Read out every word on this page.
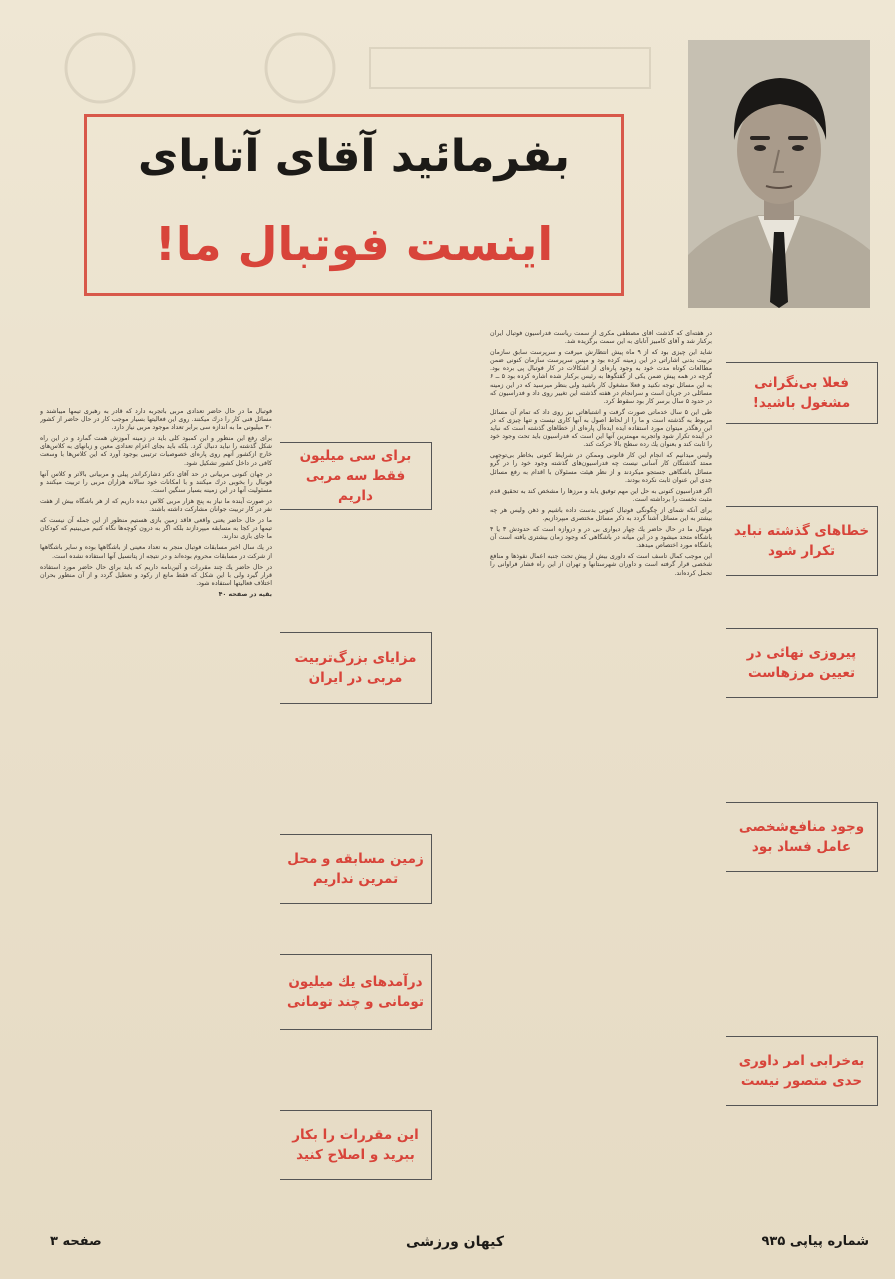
بفرمائید آقای آتابای
اینست فوتبال ما!

در هفته‌ای که گذشت آقای مصطفی مکری از سمت ریاست فدراسیون فوتبال ایران برکنار شد و آقای کامبیز آتابای به این سمت برگزیده شد.

شاید این چیزی بود که از ۹ ماه پیش انتظارش میرفت و سرپرست سابق سازمان تربیت بدنی اشاراتی در این زمینه کرده بود و مپس سرپرست سازمان کنونی ضمن مطالعات کوتاه مدت خود به وجود پاره‌ای از اشکالات در کار فوتبال پی برده بود. گرچه در همه پیش ضمن یکی از گفتگوها به رئیس برکنار شده اشاره کرده بود ۵ ــ ۶ به این مسائل توجه نکنید و فعلا مشغول کار باشید ولی بنظر میرسید که در این زمینه مسائلی در جریان است و سرانجام در هفته گذشته این تغییر روی داد و فدراسیون که در حدود ۵ سال برسر کار بود سقوط کرد.

طی این ۵ سال خدماتی صورت گرفت و اشتباهاتی نیز روی داد که تمام آن مسائل مربوط به گذشته است و ما را از لحاظ اصول به آنها کاری نیست و تنها چیزی که در این رهگذر میتوان مورد استفاده ایده ایده‌آل پاره‌ای از خطاهای گذشته است که نباید در آینده تکرار شود واتجربه مهمترین آنها این است که فدراسیون باید تحت وجود خود را ثابت کند و بعنوان یك رده سطح بالا حرکت کند.

ولیس میدانیم که انجام این کار قانونی وممکن در شرایط کنونی بخاطر بی‌توجهی ممتد گذشتگان کار آسانی نیست چه فدراسیون‌های گذشته وجود خود را در گرو مسائل باشگاهی جستجو میکردند و از نظر هیئت مسئولان با اقدام به رفع مسائل جدی این عنوان ثابت نکرده بودند.

اگر فدراسیون کنونی به حل این مهم توفیق یابد و مرزها را مشخص کند به تحقیق قدم مثبت نخست را برداشته است.

برای آنکه شمای از چگونگی فوتبال کنونی بدست داده باشیم و ذهن ولیس هر چه بیشتر به این مسائل آشنا گردد به ذکر مسائل مختصری میپردازیم.

فوتبال ما در حال حاضر یك چهار دیواری بی در و دروازه است که حدودش ۳ یا ۴ باشگاه متحد میشود و در این میانه در باشگاهی که وجود زمان بیشتری یافته است آن باشگاه مورد اختصاص میدهد.

این موجب کمال تاسف است که داوری بیش از پیش تحت جنبه اعمال نفوذ‌ها و منافع شخصی قرار گرفته است و داوران شهرستانها و تهران از این راه فشار فراوانی را تحمل کرده‌اند.

فوتبال ما در حال حاضر تعدادی مربی باتجربه دارد که قادر به رهبری تیمها میباشند و مسائل فنی کار را درك میکنند. روی این فعالیتها بسیار موجب کار در حال حاضر از کشور ۳۰ میلیونی ما به اندازه سی برابر تعداد موجود مربی نیاز دارد.

برای رفع این منظور و این کمبود کلی باید در زمینه آموزش همت گمارد و در این راه شکل گذشته را نباید دنبال کرد. بلکه باید بجای اعزام تعدادی معین و زبانهای به کلاس‌های خارج ازکشور آنهم روی پاره‌ای خصوصیات ترتیبی بوجود آورد که این کلاس‌ها با وسعت کافی در داخل کشور تشکیل شود.

در جهان کنونی مربیانی در حد آقای دکتر دشارکراندر پیلی و مربیانی بالاتر و کلاس آنها فوتبال را بخوبی درك میکنند و با امکانات خود سالانه هزاران مربی را تربیت میکنند و مسئولیت آنها در این زمینه بسیار سنگین است.

در صورت آینده ما نیاز به پنج هزار مربی کلاس دیده داریم که از هر باشگاه بیش از هفت نفر در کار تربیت جوانان مشارکت داشته باشند.

ما در حال حاضر یعنی واقعی فاقد زمین بازی هستیم منظور از این جمله آن نیست که تیمها در کجا به مسابقه میپردازند بلکه اگر به درون کوچه‌ها نگاه کنیم می‌بینیم که کودکان ما جای بازی ندارند.

در یك سال اخیر مسابقات فوتبال منجر به تعداد معینی از باشگاهها بوده و سایر باشگاهها از شرکت در مسابقات محروم بوده‌اند و در نتیجه از پتانسیل آنها استفاده نشده است.

در حال حاضر یك چند مقررات و آئین‌نامه داریم که باید برای حال حاضر مورد استفاده قرار گیرد ولی با این شکل که فقط مانع از رکود و تعطیل گردد و از آن منظور بحران اختلاف فعالیتها استفاده شود.

بقیه در صفحه ۴۰

فعلا بی‌نگرانی مشغول باشید!
خطاهای گذشته نباید تکرار شود
پیروزی نهائی در تعیین مرزهاست
وجود منافع‌شخصی عامل فساد بود
به‌خرابی امر داوری حدی متصور نیست
برای سی میلیون فقط سه مربی داریم
مزایای بزرگ‌تربیت مربی در ایران
زمین مسابقه و محل تمرین نداریم
درآمدهای یك میلیون تومانی و چند تومانی
این مقررات را بکار ببرید و اصلاح کنید
شماره پیاپی ۹۳۵
کیهان ورزشی
صفحه ۳
